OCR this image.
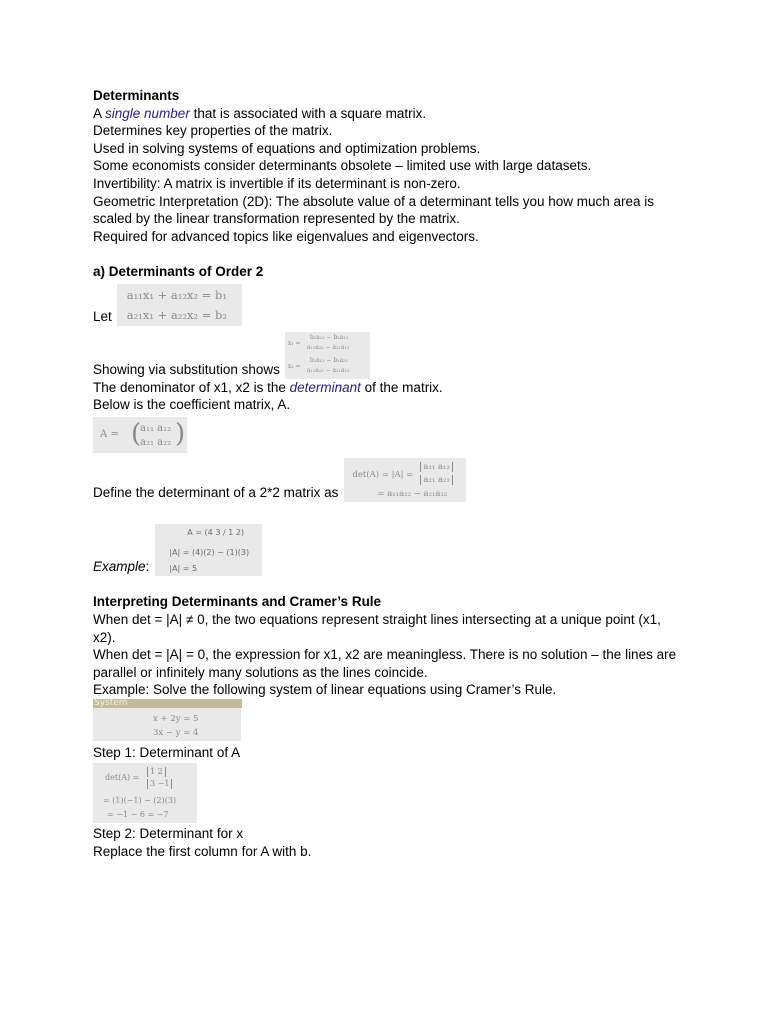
Determinants

A single number that is associated with a square matrix.

Determines key properties of the matrix.

Used in solving systems of equations and optimization problems.

Some economists consider determinants obsolete – limited use with large datasets.

Invertibility: A matrix is invertible if its determinant is non-zero.

Geometric Interpretation (2D): The absolute value of a determinant tells you how much area is scaled by the linear transformation represented by the matrix.

Required for advanced topics like eigenvalues and eigenvectors.

a) Determinants of Order 2

Let
a₁₁x₁ + a₁₂x₂ = b₁
a₂₁x₁ + a₂₂x₂ = b₂
Showing via substitution shows
x₁ =
b₁a₂₂ − b₂a₁₂
a₁₁a₂₂ − a₂₁a₁₂
x₂ =
b₂a₁₁ − b₁a₂₁
a₁₁a₂₂ − a₂₁a₁₂

The denominator of x1, x2 is the determinant of the matrix.

Below is the coefficient matrix, A.

A = (
a₁₁ a₁₂
a₂₁ a₂₂ )
Define the determinant of a 2*2 matrix as
det(A) = |A| =
a₁₁ a₁₂
a₂₁ a₂₂
= a₁₁a₂₂ − a₂₁a₁₂
Example :
A = (4 3 / 1 2)
|A| = (4)(2) − (1)(3)
|A| = 5

Interpreting Determinants and Cramer’s Rule

When det = |A| ≠ 0, the two equations represent straight lines intersecting at a unique point (x1, x2).

When det = |A| = 0, the expression for x1, x2 are meaningless. There is no solution – the lines are parallel or infinitely many solutions as the lines coincide.

Example: Solve the following system of linear equations using Cramer’s Rule.

System
x + 2y = 5
3x − y = 4

Step 1: Determinant of A

det(A) =
1 2
3 −1
= (1)(−1) − (2)(3)
= −1 − 6 = −7

Step 2: Determinant for x

Replace the first column for A with b.
